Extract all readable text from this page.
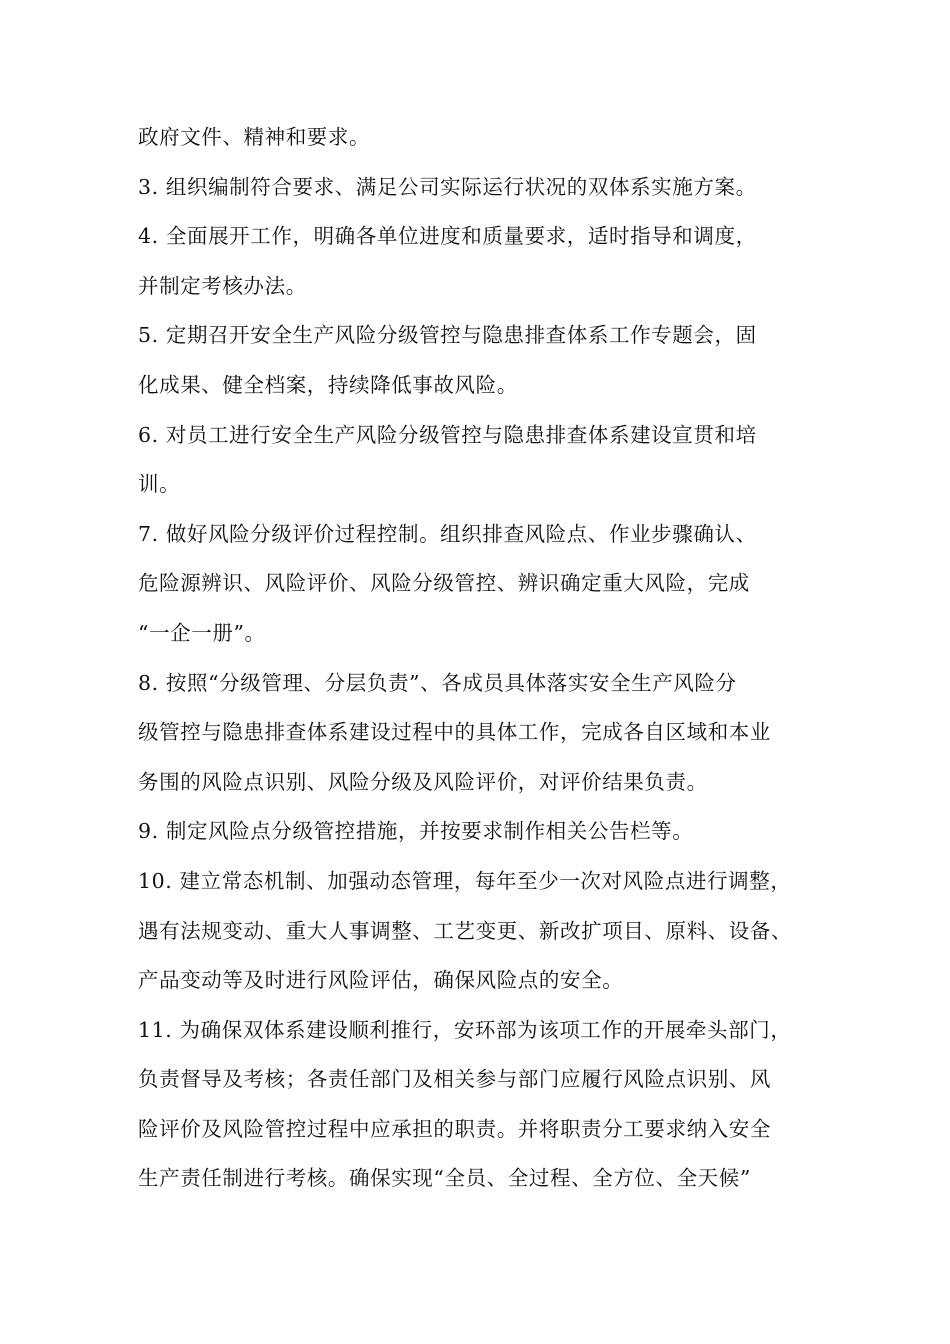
政府文件、精神和要求。
3. 组织编制符合要求、满足公司实际运行状况的双体系实施方案。
4. 全面展开工作，明确各单位进度和质量要求，适时指导和调度，
并制定考核办法。
5. 定期召开安全生产风险分级管控与隐患排查体系工作专题会，固
化成果、健全档案，持续降低事故风险。
6. 对员工进行安全生产风险分级管控与隐患排查体系建设宣贯和培
训。
7. 做好风险分级评价过程控制。组织排查风险点、作业步骤确认、
危险源辨识、风险评价、风险分级管控、辨识确定重大风险，完成
“一企一册”。
8. 按照“分级管理、分层负责”、各成员具体落实安全生产风险分
级管控与隐患排查体系建设过程中的具体工作，完成各自区域和本业
务围的风险点识别、风险分级及风险评价，对评价结果负责。
9. 制定风险点分级管控措施，并按要求制作相关公告栏等。
10. 建立常态机制、加强动态管理，每年至少一次对风险点进行调整，
遇有法规变动、重大人事调整、工艺变更、新改扩项目、原料、设备、
产品变动等及时进行风险评估，确保风险点的安全。
11. 为确保双体系建设顺利推行，安环部为该项工作的开展牵头部门，
负责督导及考核；各责任部门及相关参与部门应履行风险点识别、风
险评价及风险管控过程中应承担的职责。并将职责分工要求纳入安全
生产责任制进行考核。确保实现“全员、全过程、全方位、全天候”
